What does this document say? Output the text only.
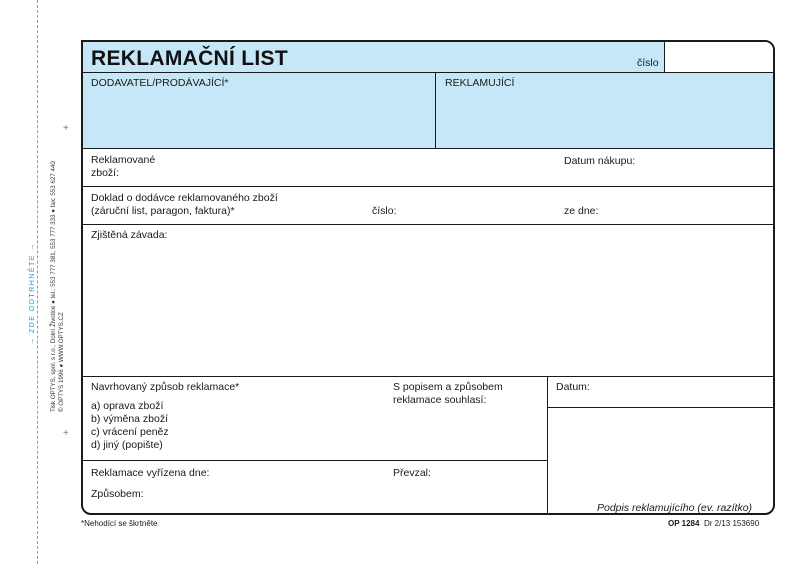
→ ZDE ODTRHNĚTE → Tisk OPTYS, spol. s r.o., Dolní Životice ● tel.: 553 777 381, 553 777 333 ● fax: 553 627 440 © OPTYS 1996 ● WWW.OPTYS.CZ
+
+
REKLAMAČNÍ LIST	číslo
DODAVATEL/PRODÁVAJÍCÍ*	REKLAMUJÍCÍ
Reklamované
zboží:
Datum nákupu:
Doklad o dodávce reklamovaného zboží
(záruční list, paragon, faktura)*	číslo:	ze dne:
Zjištěná závada:
Navrhovaný způsob reklamace*
a) oprava zboží
b) výměna zboží
c) vrácení peněz
d) jiný (popište)
S popisem a způsobem
reklamace souhlasí:
Datum:
Reklamace vyřízena dne:	Převzal:
Způsobem:
Podpis reklamujícího (ev. razítko)
*Nehodící se škrtněte	OP 1284 Dr 2/13 153690
